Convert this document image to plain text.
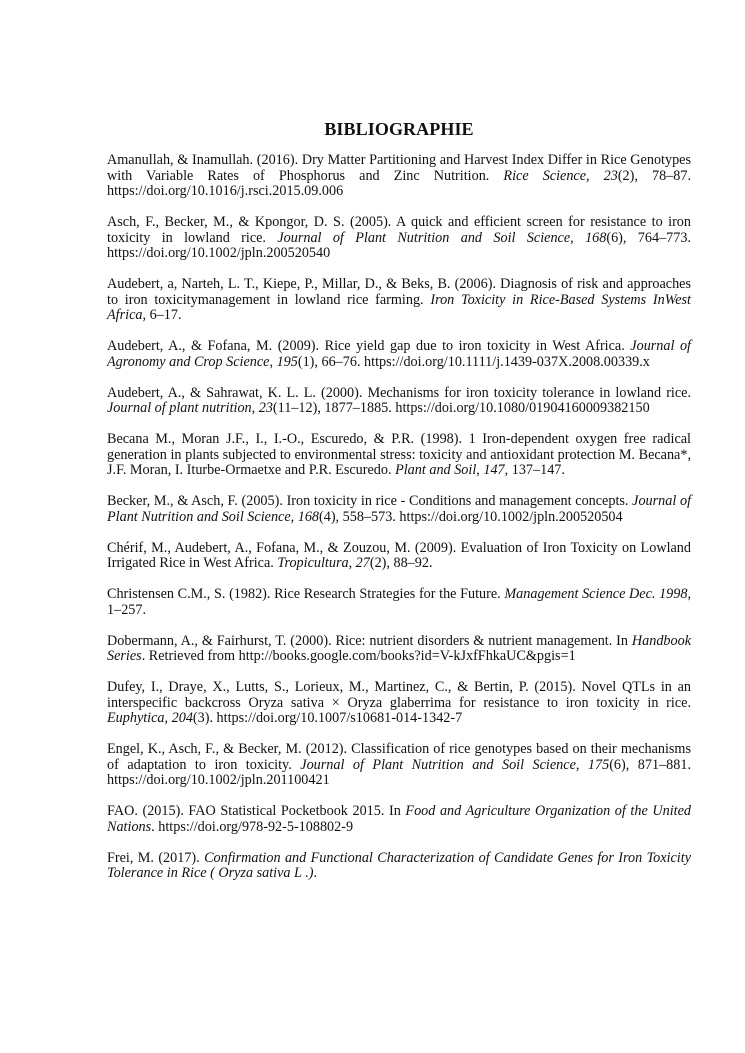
BIBLIOGRAPHIE
Amanullah, & Inamullah. (2016). Dry Matter Partitioning and Harvest Index Differ in Rice Genotypes with Variable Rates of Phosphorus and Zinc Nutrition. Rice Science, 23(2), 78–87. https://doi.org/10.1016/j.rsci.2015.09.006
Asch, F., Becker, M., & Kpongor, D. S. (2005). A quick and efficient screen for resistance to iron toxicity in lowland rice. Journal of Plant Nutrition and Soil Science, 168(6), 764–773. https://doi.org/10.1002/jpln.200520540
Audebert, a, Narteh, L. T., Kiepe, P., Millar, D., & Beks, B. (2006). Diagnosis of risk and approaches to iron toxicitymanagement in lowland rice farming. Iron Toxicity in Rice-Based Systems InWest Africa, 6–17.
Audebert, A., & Fofana, M. (2009). Rice yield gap due to iron toxicity in West Africa. Journal of Agronomy and Crop Science, 195(1), 66–76. https://doi.org/10.1111/j.1439-037X.2008.00339.x
Audebert, A., & Sahrawat, K. L. L. (2000). Mechanisms for iron toxicity tolerance in lowland rice. Journal of plant nutrition, 23(11–12), 1877–1885. https://doi.org/10.1080/01904160009382150
Becana M., Moran J.F., I., I.-O., Escuredo, & P.R. (1998). 1 Iron-dependent oxygen free radical generation in plants subjected to environmental stress: toxicity and antioxidant protection M. Becana*, J.F. Moran, I. Iturbe-Ormaetxe and P.R. Escuredo. Plant and Soil, 147, 137–147.
Becker, M., & Asch, F. (2005). Iron toxicity in rice - Conditions and management concepts. Journal of Plant Nutrition and Soil Science, 168(4), 558–573. https://doi.org/10.1002/jpln.200520504
Chérif, M., Audebert, A., Fofana, M., & Zouzou, M. (2009). Evaluation of Iron Toxicity on Lowland Irrigated Rice in West Africa. Tropicultura, 27(2), 88–92.
Christensen C.M., S. (1982). Rice Research Strategies for the Future. Management Science Dec. 1998, 1–257.
Dobermann, A., & Fairhurst, T. (2000). Rice: nutrient disorders & nutrient management. In Handbook Series. Retrieved from http://books.google.com/books?id=V-kJxfFhkaUC&pgis=1
Dufey, I., Draye, X., Lutts, S., Lorieux, M., Martinez, C., & Bertin, P. (2015). Novel QTLs in an interspecific backcross Oryza sativa × Oryza glaberrima for resistance to iron toxicity in rice. Euphytica, 204(3). https://doi.org/10.1007/s10681-014-1342-7
Engel, K., Asch, F., & Becker, M. (2012). Classification of rice genotypes based on their mechanisms of adaptation to iron toxicity. Journal of Plant Nutrition and Soil Science, 175(6), 871–881. https://doi.org/10.1002/jpln.201100421
FAO. (2015). FAO Statistical Pocketbook 2015. In Food and Agriculture Organization of the United Nations. https://doi.org/978-92-5-108802-9
Frei, M. (2017). Confirmation and Functional Characterization of Candidate Genes for Iron Toxicity Tolerance in Rice ( Oryza sativa L .).
